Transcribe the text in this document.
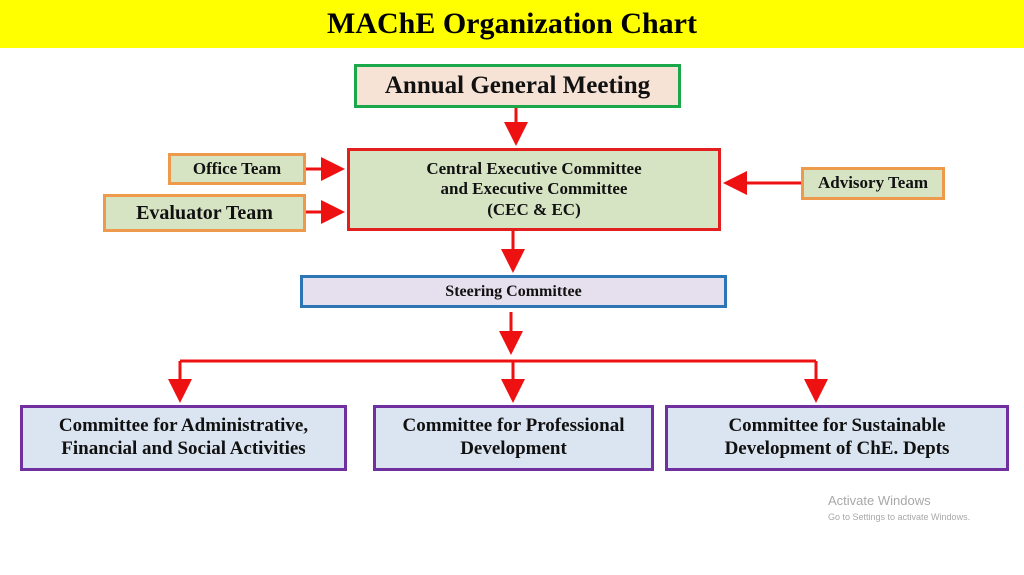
MAChE Organization Chart
Annual General Meeting
Central Executive Committee
and Executive Committee
(CEC & EC)
Office Team
Evaluator Team
Advisory Team
Steering Committee
Committee for Administrative,
Financial and Social Activities
Committee for Professional
Development
Committee for Sustainable
Development of ChE. Depts
Activate Windows
Go to Settings to activate Windows.
